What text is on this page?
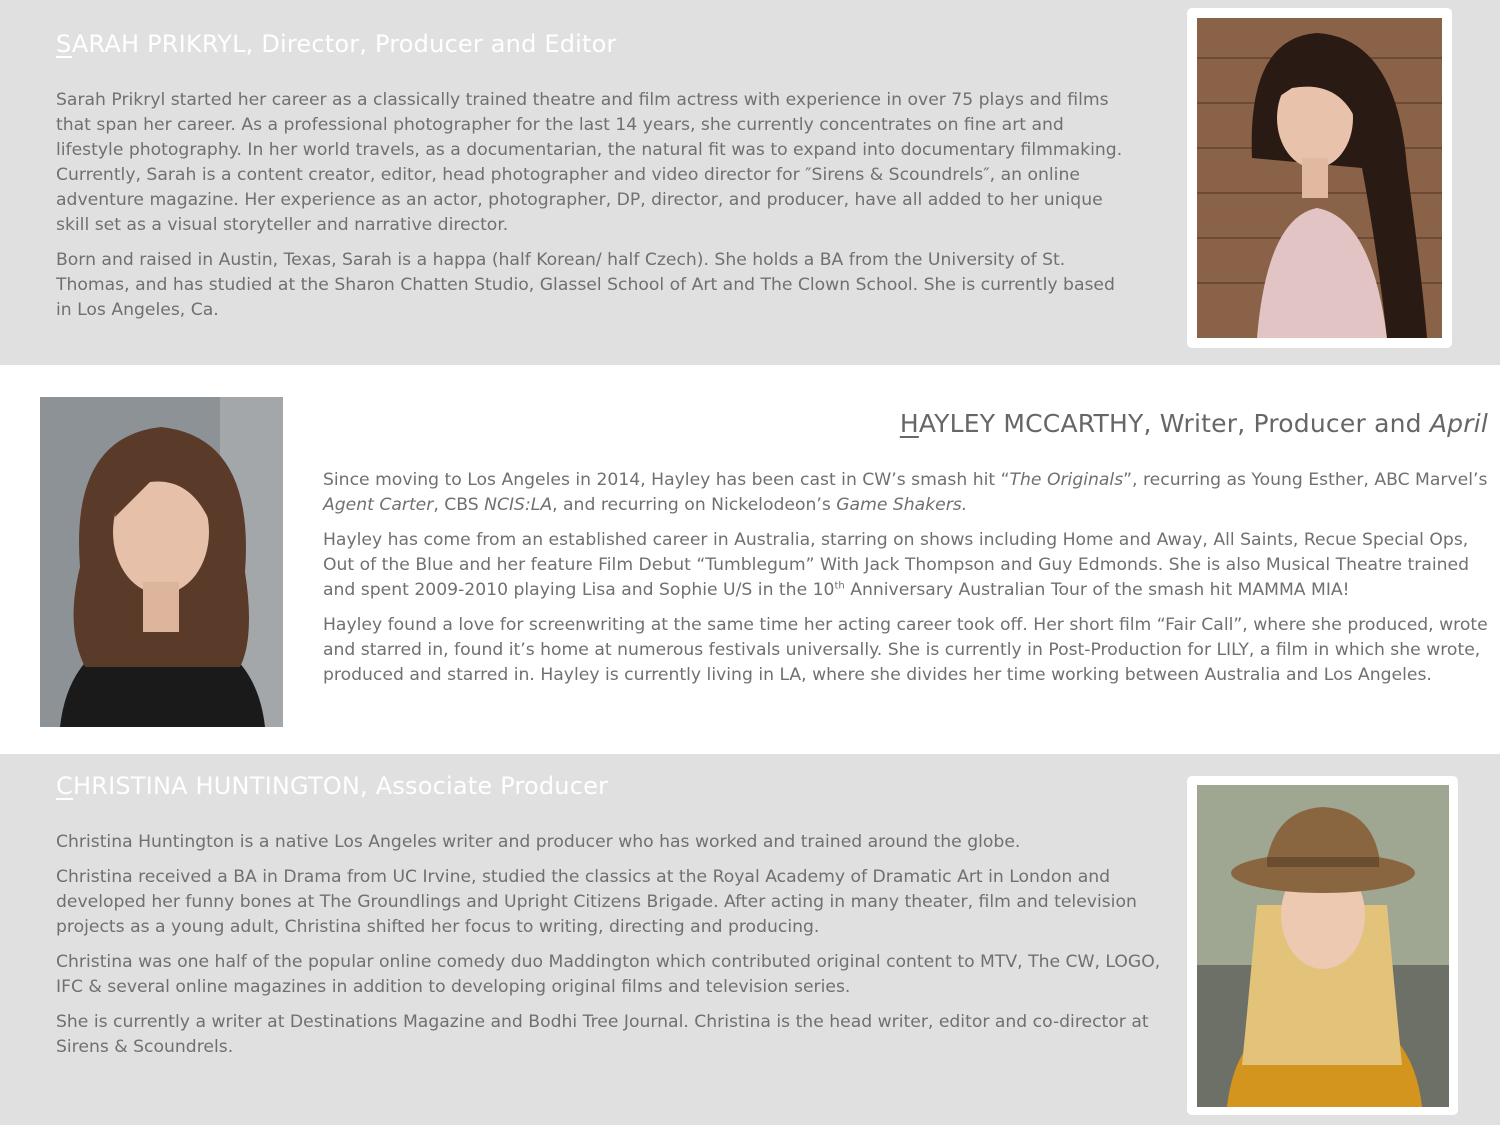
SARAH PRIKRYL, Director, Producer and Editor

Sarah Prikryl started her career as a classically trained theatre and film actress with experience in over 75 plays and films that span her career. As a professional photographer for the last 14 years, she currently concentrates on fine art and lifestyle photography. In her world travels, as a documentarian, the natural fit was to expand into documentary filmmaking. Currently, Sarah is a content creator, editor, head photographer and video director for ″Sirens & Scoundrels″, an online adventure magazine. Her experience as an actor, photographer, DP, director, and producer, have all added to her unique skill set as a visual storyteller and narrative director.

Born and raised in Austin, Texas, Sarah is a happa (half Korean/ half Czech). She holds a BA from the University of St. Thomas, and has studied at the Sharon Chatten Studio, Glassel School of Art and The Clown School. She is currently based in Los Angeles, Ca.

HAYLEY MCCARTHY, Writer, Producer and April

Since moving to Los Angeles in 2014, Hayley has been cast in CW’s smash hit “The Originals”, recurring as Young Esther, ABC Marvel’s Agent Carter, CBS NCIS:LA, and recurring on Nickelodeon’s Game Shakers.

Hayley has come from an established career in Australia, starring on shows including Home and Away, All Saints, Recue Special Ops, Out of the Blue and her feature Film Debut “Tumblegum” With Jack Thompson and Guy Edmonds. She is also Musical Theatre trained and spent 2009-2010 playing Lisa and Sophie U/S in the 10th Anniversary Australian Tour of the smash hit MAMMA MIA!

Hayley found a love for screenwriting at the same time her acting career took off. Her short film “Fair Call”, where she produced, wrote and starred in, found it’s home at numerous festivals universally. She is currently in Post-Production for LILY, a film in which she wrote, produced and starred in. Hayley is currently living in LA, where she divides her time working between Australia and Los Angeles.

CHRISTINA HUNTINGTON, Associate Producer

Christina Huntington is a native Los Angeles writer and producer who has worked and trained around the globe.

Christina received a BA in Drama from UC Irvine, studied the classics at the Royal Academy of Dramatic Art in London and developed her funny bones at The Groundlings and Upright Citizens Brigade. After acting in many theater, film and television projects as a young adult, Christina shifted her focus to writing, directing and producing.

Christina was one half of the popular online comedy duo Maddington which contributed original content to MTV, The CW, LOGO, IFC & several online magazines in addition to developing original films and television series.

She is currently a writer at Destinations Magazine and Bodhi Tree Journal. Christina is the head writer, editor and co-director at Sirens & Scoundrels.
